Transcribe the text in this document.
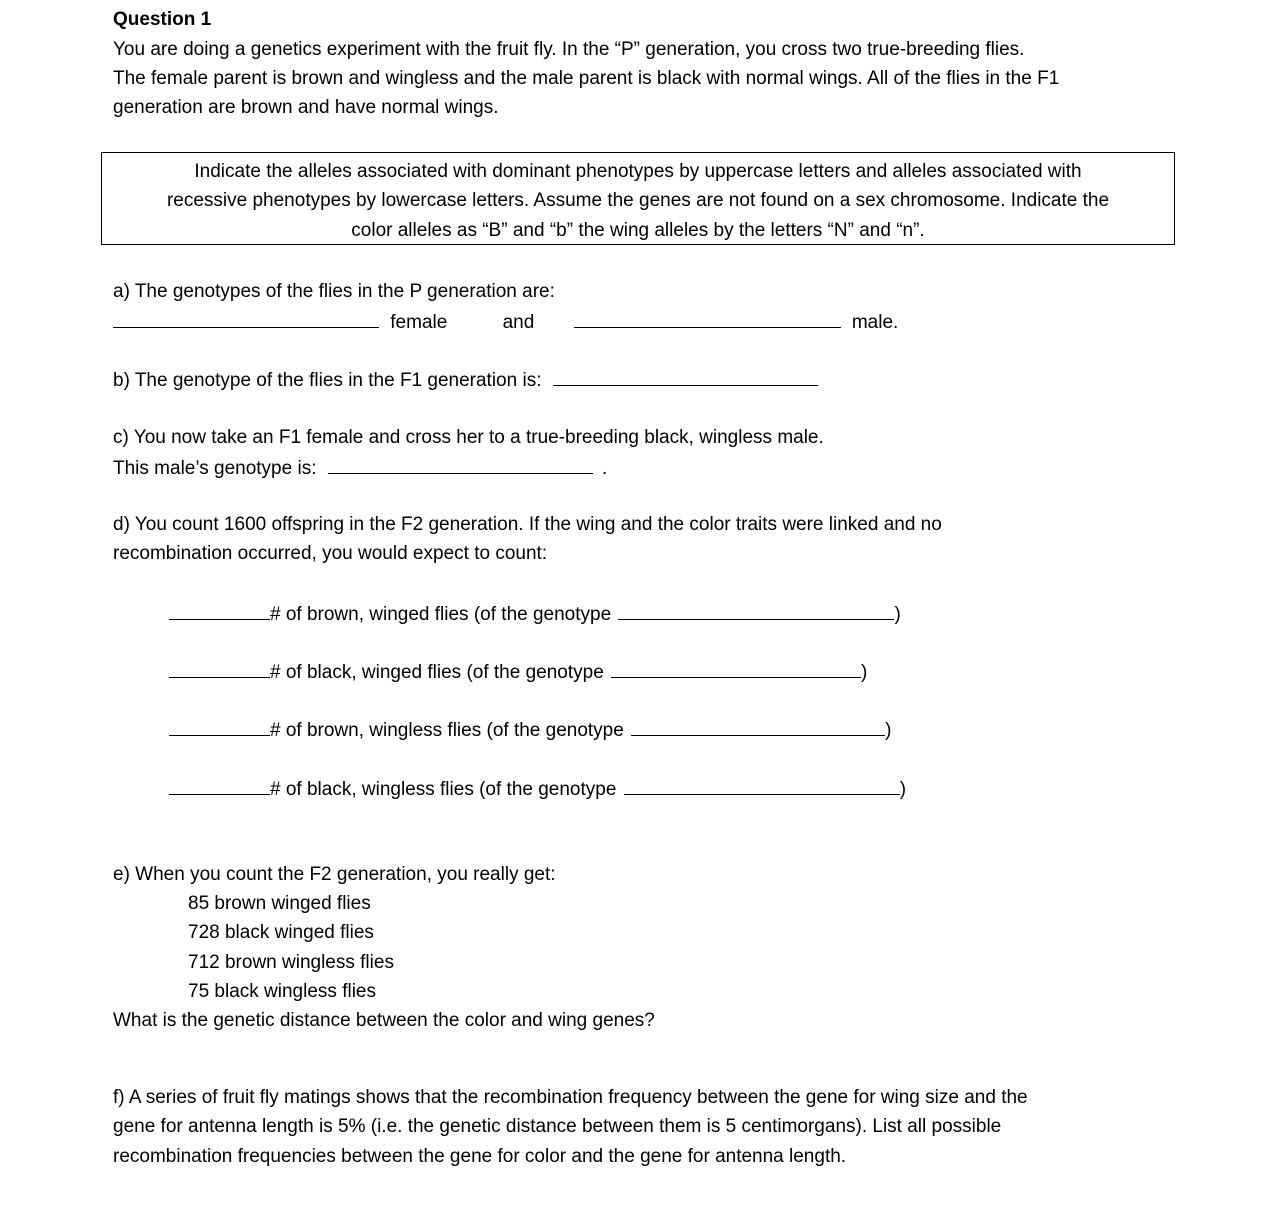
Question 1
You are doing a genetics experiment with the fruit fly. In the “P” generation, you cross two true-breeding flies.
The female parent is brown and wingless and the male parent is black with normal wings. All of the flies in the F1
generation are brown and have normal wings.
Indicate the alleles associated with dominant phenotypes by uppercase letters and alleles associated with
recessive phenotypes by lowercase letters. Assume the genes are not found on a sex chromosome. Indicate the
color alleles as “B” and “b” the wing alleles by the letters “N” and “n”.
a) The genotypes of the flies in the P generation are:
female	and	male.
b) The genotype of the flies in the F1 generation is:
c) You now take an F1 female and cross her to a true-breeding black, wingless male.
This male’s genotype is:	.
d) You count 1600 offspring in the F2 generation. If the wing and the color traits were linked and no
recombination occurred, you would expect to count:
# of brown, winged flies (of the genotype	)
# of black, winged flies (of the genotype	)
# of brown, wingless flies (of the genotype	)
# of black, wingless flies (of the genotype	)
e) When you count the F2 generation, you really get:
85 brown winged flies
728 black winged flies
712 brown wingless flies
75 black wingless flies
What is the genetic distance between the color and wing genes?
f) A series of fruit fly matings shows that the recombination frequency between the gene for wing size and the
gene for antenna length is 5% (i.e. the genetic distance between them is 5 centimorgans). List all possible
recombination frequencies between the gene for color and the gene for antenna length.
